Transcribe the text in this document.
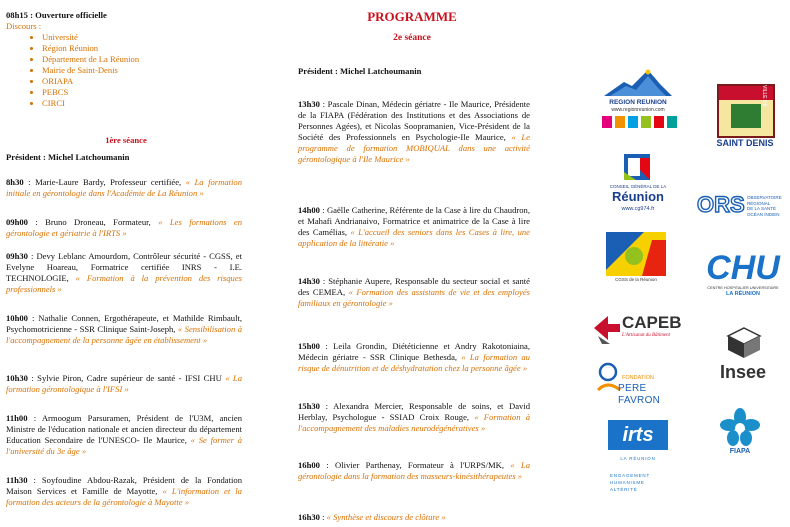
08h15 : Ouverture officielle
Discours :
• Université
• Région Réunion
• Département de La Réunion
• Mairie de Saint-Denis
• ORIAPA
• PEBCS
• CIRCI
1ère séance
Président : Michel Latchoumanin
8h30 : Marie-Laure Bardy, Professeur certifiée, « La formation initiale en gérontologie dans l'Académie de La Réunion »
09h00 : Bruno Droneau, Formateur, « Les formations en gérontologie et gériatrie à l'IRTS »
09h30 : Devy Leblanc Amourdom, Contrôleur sécurité - CGSS, et Evelyne Hoareau, Formatrice certifiée INRS - I.E. TECHNOLOGIE, « Formation à la prévention des risques professionnels »
10h00 : Nathalie Connen, Ergothérapeute, et Mathilde Rimbault, Psychomotricienne - SSR Clinique Saint-Joseph, « Sensibilisation à l'accompagnement de la personne âgée en établissement »
10h30 : Sylvie Piron, Cadre supérieur de santé - IFSI CHU « La formation gérontologique à l'IFSI »
11h00 : Armoogum Parsuramen, Président de l'U3M, ancien Ministre de l'éducation nationale et ancien directeur du département Education Secondaire de l'UNESCO- Ile Maurice, « Se former à l'université du 3e âge »
11h30 : Soyfoudine Abdou-Razak, Président de la Fondation Maison Services et Famille de Mayotte, « L'information et la formation des acteurs de la gérontologie à Mayotte »
PROGRAMME
2e séance
Président : Michel Latchoumanin
13h30 : Pascale Dinan, Médecin gériatre - Ile Maurice, Présidente de la FIAPA (Fédération des Institutions et des Associations de Personnes Agées), et Nicolas Soopramanien, Vice-Président de la Société des Professionnels en Psychologie-Ile Maurice, « Le programme de formation MOBIQUAL dans une activité gérontologique à l'Ile Maurice »
14h00 : Gaëlle Catherine, Référente de la Case à lire du Chaudron, et Mahafi Andrianaivo, Formatrice et animatrice de la Case à lire des Camélias, « L'accueil des seniors dans les Cases à lire, une application de la littératie »
14h30 : Stéphanie Aupere, Responsable du secteur social et santé des CEMEA, « Formation des assistants de vie et des employés familiaux en gérontologie »
15h00 : Leila Grondin, Diététicienne et Andry Rakotoniaina, Médecin gériatre - SSR Clinique Bethesda, « La formation au risque de dénutrition et de déshydratation chez la personne âgée »
15h30 : Alexandra Mercier, Responsable de soins, et David Herblay, Psychologue - SSIAD Croix Rouge, « Formation à l'accompagnement des maladies neurodégénératives »
16h00 : Olivier Parthenay, Formateur à l'URPS/MK, « La gérontologie dans la formation des masseurs-kinésithérapeutes »
16h30 : « Synthèse et discours de clôture »
REGION REUNION
www.regionreunion.com
VILLE DE
SAINT DENIS
CONSEIL GÉNÉRAL DE LA
Réunion
www.cg974.fr	ORS OBSERVATOIRE
RÉGIONAL
DE LA SANTÉ
OCÉAN INDIEN
CGSS de la Réunion	CHU
CENTRE HOSPITALIER UNIVERSITAIRE
LA RÉUNION
CAPEB
L'Artisanat du Bâtiment
Insee
FONDATION
PERE FAVRON
FIAPA
irts
LA RÉUNION
ENGAGEMENT
HUMANISME
ALTÉRITÉ
